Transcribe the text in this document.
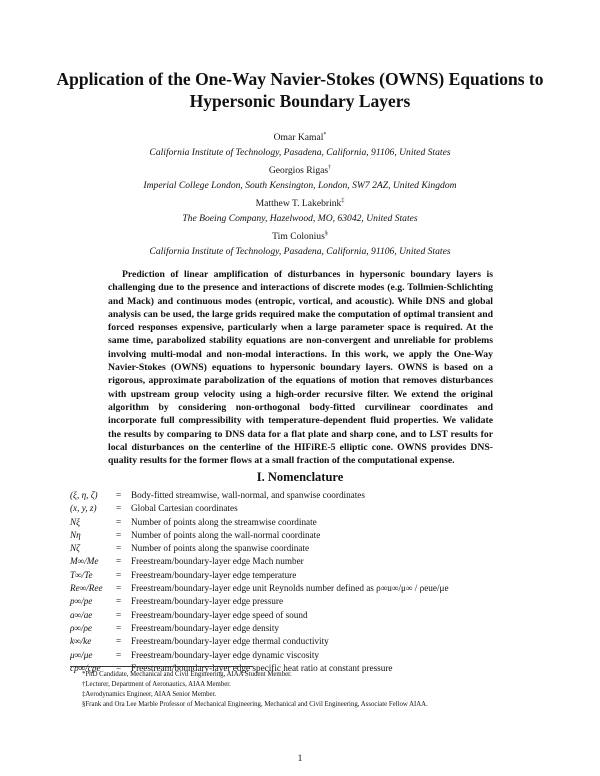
Application of the One-Way Navier-Stokes (OWNS) Equations to Hypersonic Boundary Layers
Omar Kamal*
California Institute of Technology, Pasadena, California, 91106, United States
Georgios Rigas†
Imperial College London, South Kensington, London, SW7 2AZ, United Kingdom
Matthew T. Lakebrink‡
The Boeing Company, Hazelwood, MO, 63042, United States
Tim Colonius§
California Institute of Technology, Pasadena, California, 91106, United States
Prediction of linear amplification of disturbances in hypersonic boundary layers is challenging due to the presence and interactions of discrete modes (e.g. Tollmien-Schlichting and Mack) and continuous modes (entropic, vortical, and acoustic). While DNS and global analysis can be used, the large grids required make the computation of optimal transient and forced responses expensive, particularly when a large parameter space is required. At the same time, parabolized stability equations are non-convergent and unreliable for problems involving multi-modal and non-modal interactions. In this work, we apply the One-Way Navier-Stokes (OWNS) equations to hypersonic boundary layers. OWNS is based on a rigorous, approximate parabolization of the equations of motion that removes disturbances with upstream group velocity using a high-order recursive filter. We extend the original algorithm by considering non-orthogonal body-fitted curvilinear coordinates and incorporate full compressibility with temperature-dependent fluid properties. We validate the results by comparing to DNS data for a flat plate and sharp cone, and to LST results for local disturbances on the centerline of the HIFiRE-5 elliptic cone. OWNS provides DNS-quality results for the former flows at a small fraction of the computational expense.
I. Nomenclature
(ξ, η, ζ)	=	Body-fitted streamwise, wall-normal, and spanwise coordinates
(x, y, z)	=	Global Cartesian coordinates
Nξ	=	Number of points along the streamwise coordinate
Nη	=	Number of points along the wall-normal coordinate
Nζ	=	Number of points along the spanwise coordinate
M∞/Me	=	Freestream/boundary-layer edge Mach number
T∞/Te	=	Freestream/boundary-layer edge temperature
Re∞/Ree	=	Freestream/boundary-layer edge unit Reynolds number defined as ρ∞u∞/μ∞ / ρeue/μe
p∞/pe	=	Freestream/boundary-layer edge pressure
a∞/ae	=	Freestream/boundary-layer edge speed of sound
ρ∞/ρe	=	Freestream/boundary-layer edge density
k∞/ke	=	Freestream/boundary-layer edge thermal conductivity
μ∞/μe	=	Freestream/boundary-layer edge dynamic viscosity
cp∞/cpe	=	Freestream/boundary-layer edge specific heat ratio at constant pressure
*PhD Candidate, Mechanical and Civil Engineering, AIAA Student Member.
†Lecturer, Department of Aeronautics, AIAA Member.
‡Aerodynamics Engineer, AIAA Senior Member.
§Frank and Ora Lee Marble Professor of Mechanical Engineering, Mechanical and Civil Engineering, Associate Fellow AIAA.
1
